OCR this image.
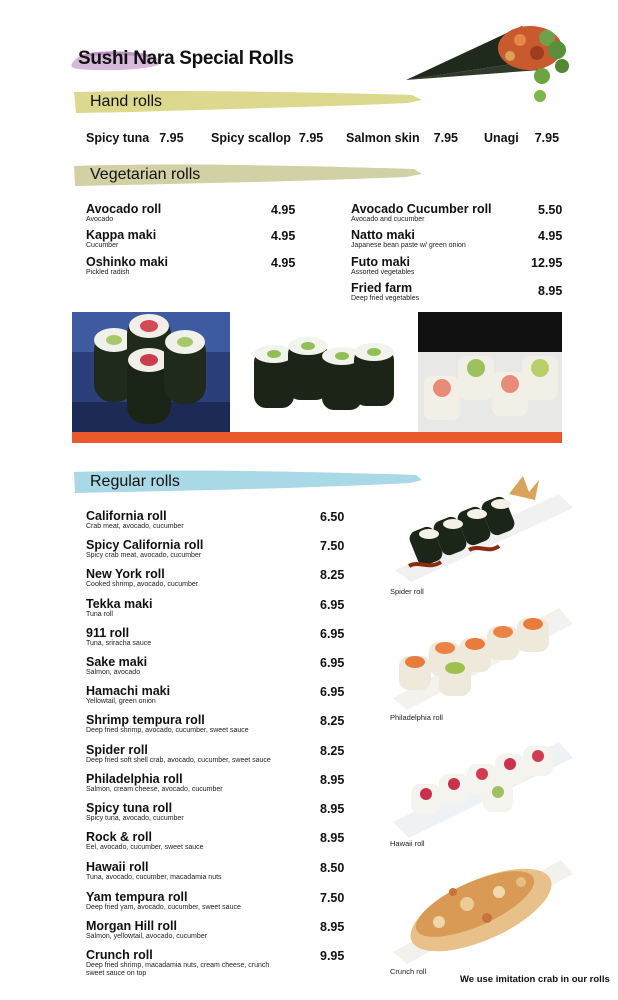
Sushi Nara Special Rolls
Hand rolls
Spicy tuna 7.95 Spicy scallop 7.95 Salmon skin 7.95 Unagi 7.95
Vegetarian rolls
Avocado roll
Avocado
4.95
Kappa maki
Cucumber
4.95
Oshinko maki
Pickled radish
4.95
Avocado Cucumber roll
Avocado and cucumber
5.50
Natto maki
Japanese bean paste w/ green onion
4.95
Futo maki
Assorted vegetables
12.95
Fried farm
Deep fried vegetables
8.95
Regular rolls
California roll
Crab meat, avocado, cucumber
6.50
Spicy California roll
Spicy crab meat, avocado, cucumber
7.50
New York roll
Cooked shrimp, avocado, cucumber
8.25
Tekka maki
Tuna roll
6.95
911 roll
Tuna, sriracha sauce
6.95
Sake maki
Salmon, avocado
6.95
Hamachi maki
Yellowtail, green onion
6.95
Shrimp tempura roll
Deep fried shrimp, avocado, cucumber, sweet sauce
8.25
Spider roll
Deep fried soft shell crab, avocado, cucumber, sweet sauce
8.25
Philadelphia roll
Salmon, cream cheese, avocado, cucumber
8.95
Spicy tuna roll
Spicy tuna, avocado, cucumber
8.95
Rock & roll
Eel, avocado, cucumber, sweet sauce
8.95
Hawaii roll
Tuna, avocado, cucumber, macadamia nuts
8.50
Yam tempura roll
Deep fried yam, avocado, cucumber, sweet sauce
7.50
Morgan Hill roll
Salmon, yellowtail, avocado, cucumber
8.95
Crunch roll
Deep fried shrimp, macadamia nuts, cream cheese, crunch sweet sauce on top
9.95
Spider roll
Philadelphia roll
Hawaii roll
Crunch roll
We use imitation crab in our rolls
